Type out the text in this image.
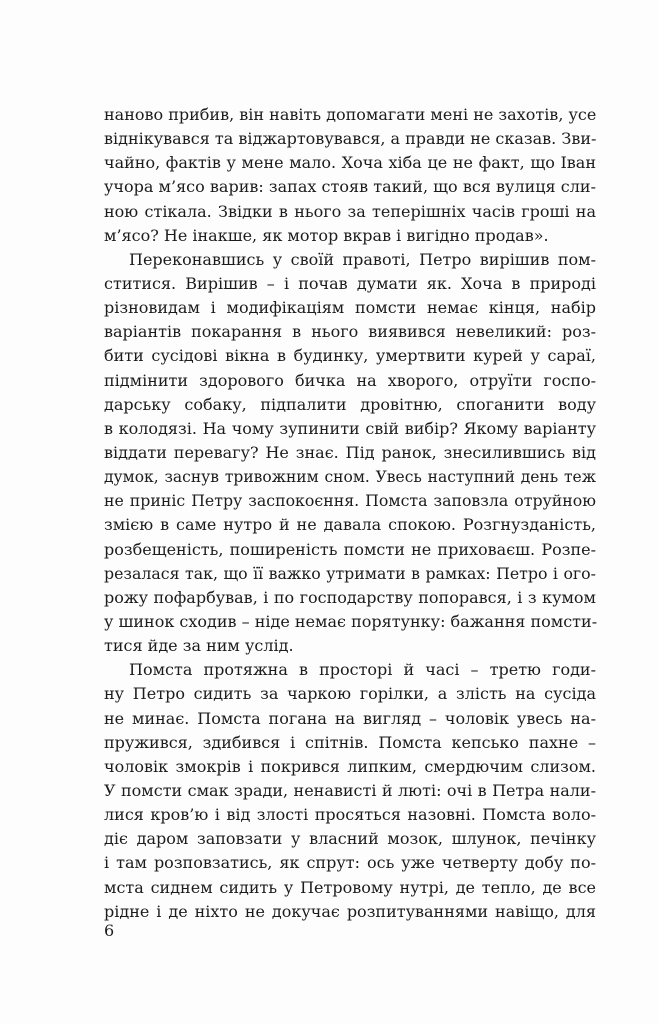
наново прибив, він навіть допомагати мені не захотів, усе
віднікувався та віджартовувався, а правди не сказав. Зви-
чайно, фактів у мене мало. Хоча хіба це не факт, що Іван
учора м’ясо варив: запах стояв такий, що вся вулиця сли-
ною стікала. Звідки в нього за теперішніх часів гроші на
м’ясо? Не інакше, як мотор вкрав і вигідно продав».
Переконавшись у своїй правоті, Петро вирішив пом-
ститися. Вирішив – і почав думати як. Хоча в природі
різновидам і модифікаціям помсти немає кінця, набір
варіантів покарання в нього виявився невеликий: роз-
бити сусідові вікна в будинку, умертвити курей у сараї,
підмінити здорового бичка на хворого, отруїти госпо-
дарську собаку, підпалити дровітню, споганити воду
в колодязі. На чому зупинити свій вибір? Якому варіанту
віддати перевагу? Не знає. Під ранок, знесилившись від
думок, заснув тривожним сном. Увесь наступний день теж
не приніс Петру заспокоєння. Помста заповзла отруйною
змією в саме нутро й не давала спокою. Розгнуздaність,
розбещеність, поширеність помсти не приховаєш. Розпе-
резалася так, що її важко утримати в рамках: Петро і ого-
рожу пофарбував, і по господарству попорався, і з кумом
у шинок сходив – ніде немає порятунку: бажання помсти-
тися йде за ним услід.
Помста протяжна в просторі й часі – третю годи-
ну Петро сидить за чаркою горілки, а злість на сусіда
не минає. Помста погана на вигляд – чоловік увесь на-
пружився, здибився і спітнів. Помста кепсько пахне –
чоловік змокрів і покрився липким, смердючим слизом.
У помсти смак зради, ненависті й люті: очі в Петра нали-
лися кров’ю і від злості просяться назовні. Помста воло-
діє даром заповзати у власний мозок, шлунок, печінку
і там розповзатись, як спрут: ось уже четверту добу по-
мста сиднем сидить у Петровому нутрі, де тепло, де все
рідне і де ніхто не докучає розпитуваннями навіщо, для
6
